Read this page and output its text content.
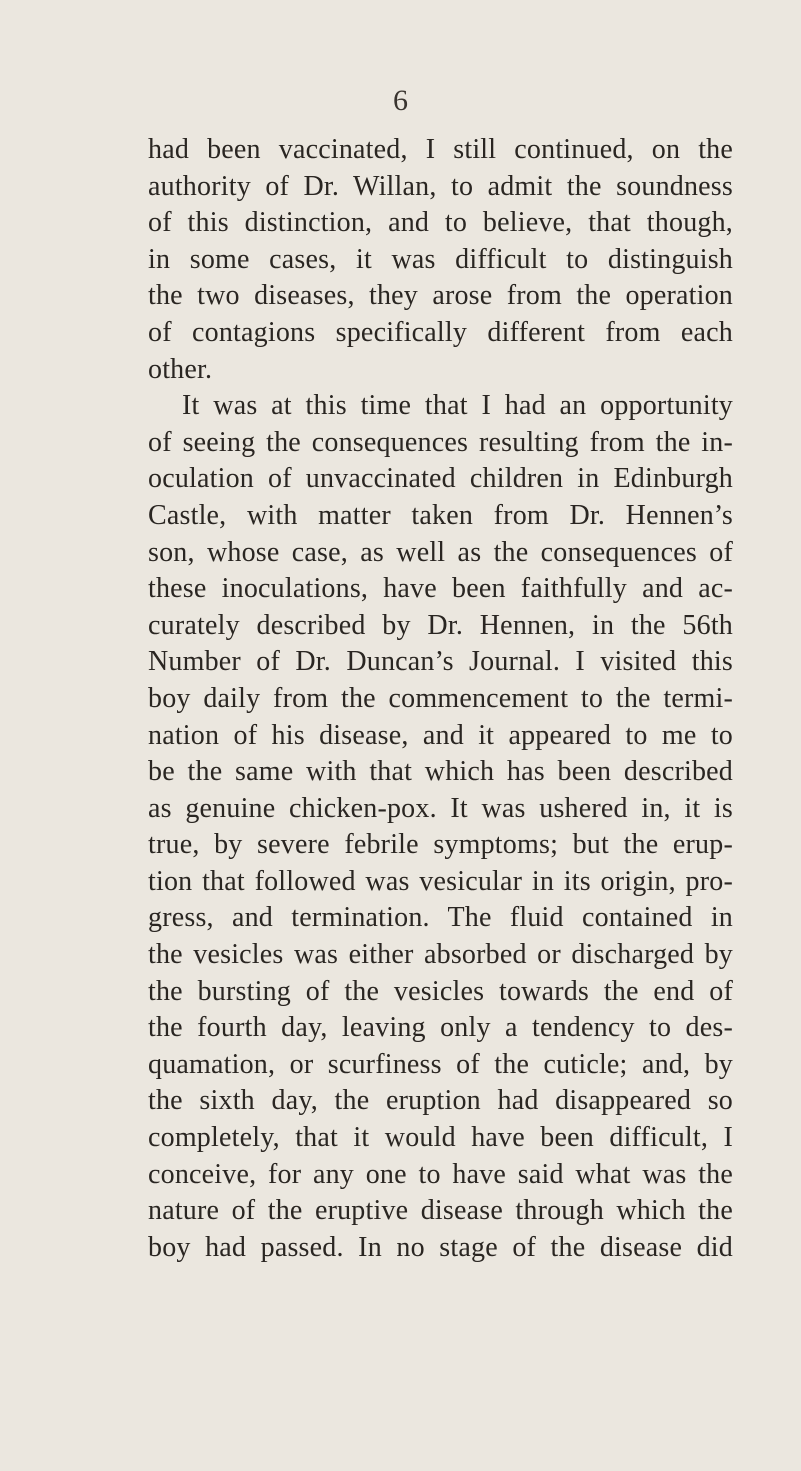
6
had been vaccinated, I still continued, on the
authority of Dr. Willan, to admit the soundness
of this distinction, and to believe, that though,
in some cases, it was difficult to distinguish
the two diseases, they arose from the operation
of contagions specifically different from each
other.
It was at this time that I had an opportunity
of seeing the consequences resulting from the in-
oculation of unvaccinated children in Edinburgh
Castle, with matter taken from Dr. Hennen’s
son, whose case, as well as the consequences of
these inoculations, have been faithfully and ac-
curately described by Dr. Hennen, in the 56th
Number of Dr. Duncan’s Journal. I visited this
boy daily from the commencement to the termi-
nation of his disease, and it appeared to me to
be the same with that which has been described
as genuine chicken-pox. It was ushered in, it is
true, by severe febrile symptoms; but the erup-
tion that followed was vesicular in its origin, pro-
gress, and termination. The fluid contained in
the vesicles was either absorbed or discharged by
the bursting of the vesicles towards the end of
the fourth day, leaving only a tendency to des-
quamation, or scurfiness of the cuticle; and, by
the sixth day, the eruption had disappeared so
completely, that it would have been difficult, I
conceive, for any one to have said what was the
nature of the eruptive disease through which the
boy had passed. In no stage of the disease did
